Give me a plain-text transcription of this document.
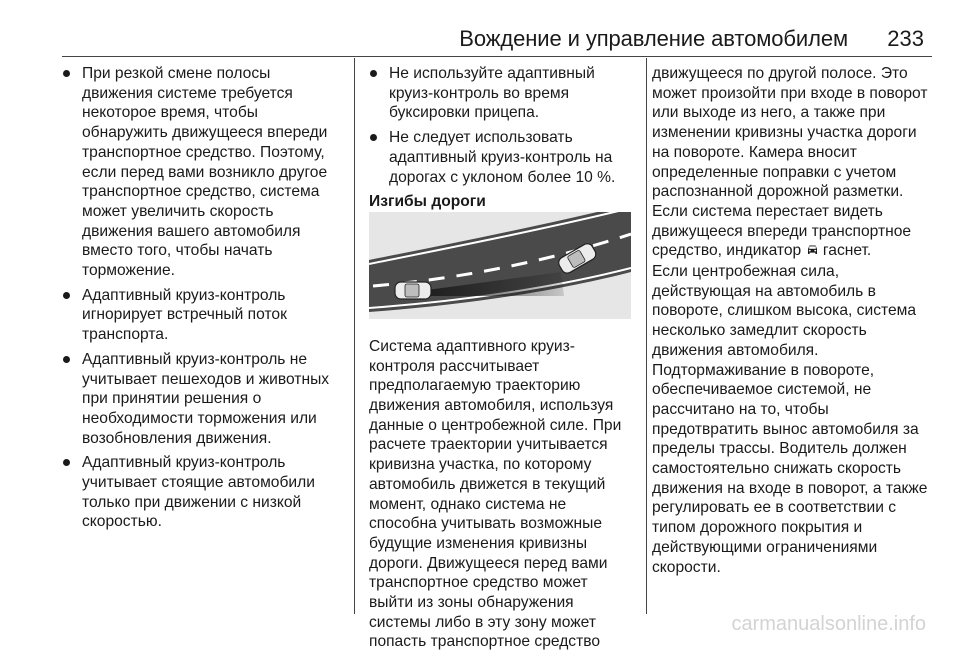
Вождение и управление автомобилем 233
При резкой смене полосы движения системе требуется некоторое время, чтобы обнаружить движущееся впереди транспортное средство. Поэтому, если перед вами возникло другое транспортное средство, система может увеличить скорость движения вашего автомобиля вместо того, чтобы начать торможение.
Адаптивный круиз-контроль игнорирует встречный поток транспорта.
Адаптивный круиз-контроль не учитывает пешеходов и животных при принятии решения о необходимости торможения или возобновления движения.
Адаптивный круиз-контроль учитывает стоящие автомобили только при движении с низкой скоростью.
Не используйте адаптивный круиз-контроль во время буксировки прицепа.
Не следует использовать адаптивный круиз-контроль на дорогах с уклоном более 10 %.

Изгибы дороги

Система адаптивного круиз-контроля рассчитывает предполагаемую траекторию движения автомобиля, используя данные о центробежной силе. При расчете траектории учитывается кривизна участка, по которому автомобиль движется в текущий момент, однако система не способна учитывать возможные будущие изменения кривизны дороги. Движущееся перед вами транспортное средство может выйти из зоны обнаружения системы либо в эту зону может попасть транспортное средство

движущееся по другой полосе. Это может произойти при входе в поворот или выходе из него, а также при изменении кривизны участка дороги на повороте. Камера вносит определенные поправки с учетом распознанной дорожной разметки. Если система перестает видеть движущееся впереди транспортное средство, индикатор гаснет.

Если центробежная сила, действующая на автомобиль в повороте, слишком высока, система несколько замедлит скорость движения автомобиля. Подтормаживание в повороте, обеспечиваемое системой, не рассчитано на то, чтобы предотвратить вынос автомобиля за пределы трассы. Водитель должен самостоятельно снижать скорость движения на входе в поворот, а также регулировать ее в соответствии с типом дорожного покрытия и действующими ограничениями скорости.

carmanualsonline.info
